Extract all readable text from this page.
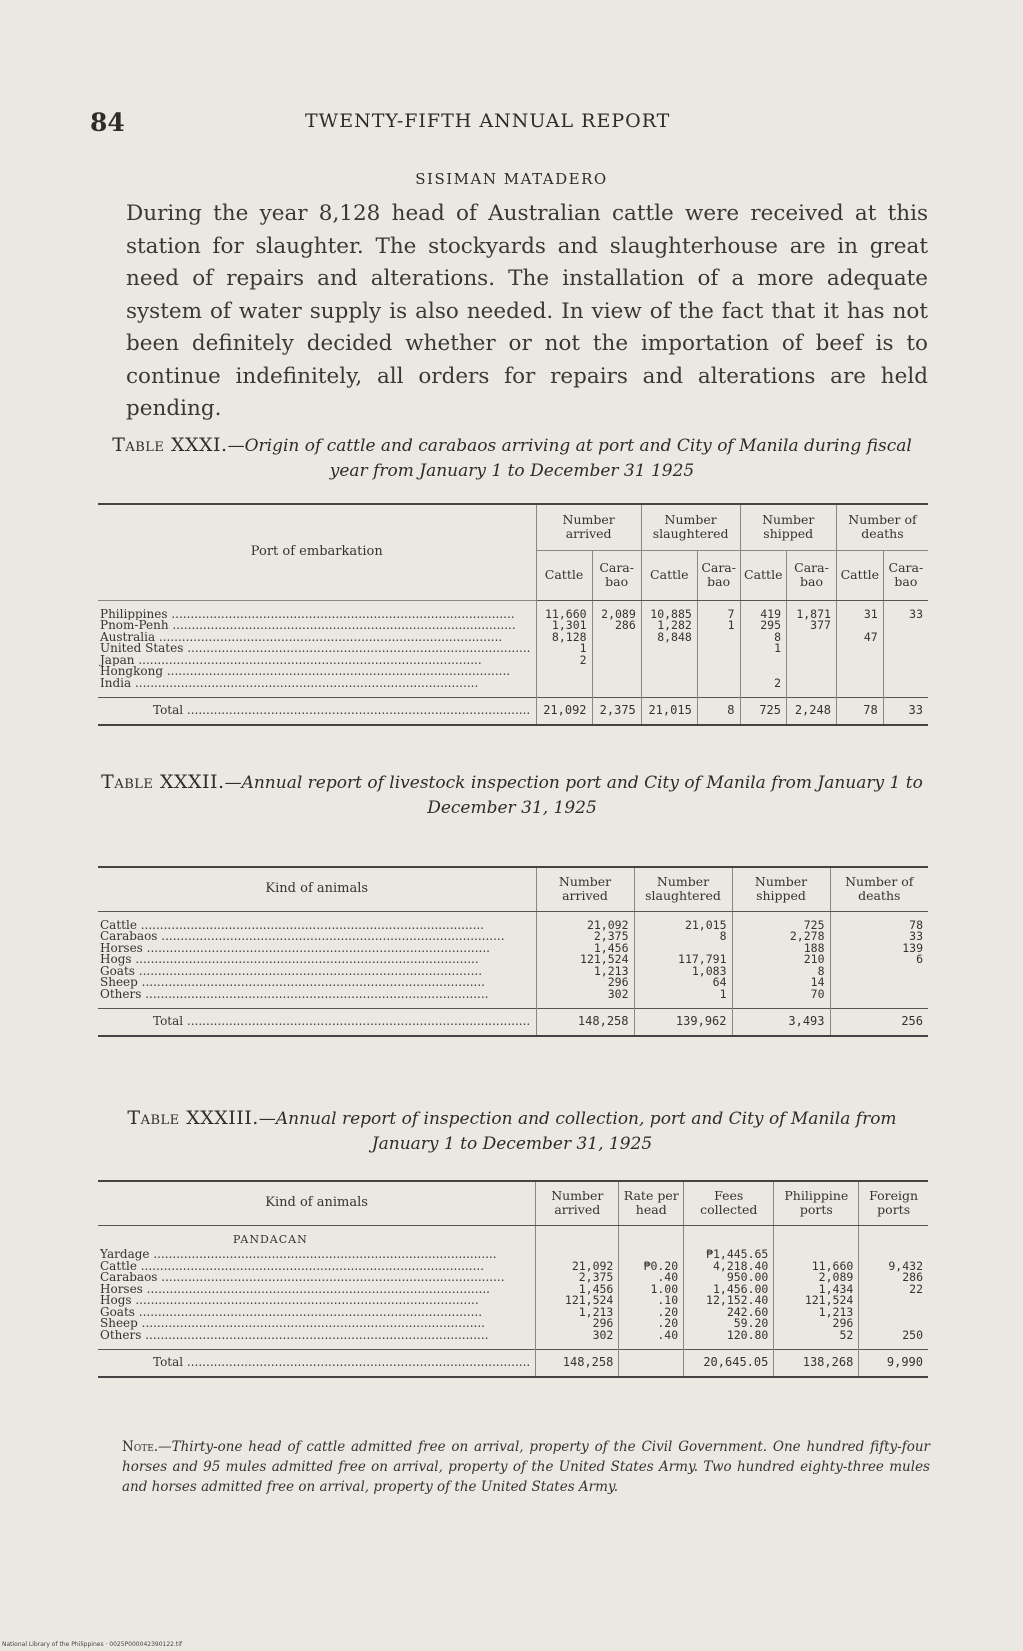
84	TWENTY-FIFTH ANNUAL REPORT
SISIMAN MATADERO

During the year 8,128 head of Australian cattle were received at this station for slaughter. The stockyards and slaughterhouse are in great need of repairs and alterations. The installation of a more adequate system of water supply is also needed. In view of the fact that it has not been definitely decided whether or not the importation of beef is to continue indefinitely, all orders for repairs and alterations are held pending.

Table XXXI.—Origin of cattle and carabaos arriving at port and City of Manila during fiscal year from January 1 to December 31 1925
Port of embarkation	Number arrived		Number slaughtered		Number shipped		Number of deaths	
	Cattle	Cara-bao	Cattle	Cara-bao	Cattle	Cara-bao	Cattle	Cara-bao
Philippines ..........................................................................................	11,660	2,089	10,885	7	419	1,871	31	33
Pnom-Penh ..........................................................................................	1,301	286	1,282	1	295	377		
Australia ..........................................................................................	8,128		8,848		8		47	
United States ..........................................................................................	1				1			
Japan ..........................................................................................	2							
Hongkong ..........................................................................................								
India ..........................................................................................					2			
Total ..........................................................................................	21,092	2,375	21,015	8	725	2,248	78	33
Table XXXII.—Annual report of livestock inspection port and City of Manila from January 1 to December 31, 1925
Kind of animals	Number arrived	Number slaughtered	Number shipped	Number of deaths
Cattle ..........................................................................................	21,092	21,015	725	78
Carabaos ..........................................................................................	2,375	8	2,278	33
Horses ..........................................................................................	1,456		188	139
Hogs ..........................................................................................	121,524	117,791	210	6
Goats ..........................................................................................	1,213	1,083	8	
Sheep ..........................................................................................	296	64	14	
Others ..........................................................................................	302	1	70	
Total ..........................................................................................	148,258	139,962	3,493	256
Table XXXIII.—Annual report of inspection and collection, port and City of Manila from January 1 to December 31, 1925
Kind of animals	Number arrived	Rate per head	Fees collected	Philippine ports	Foreign ports
PANDACAN					
Yardage ..........................................................................................			₱1,445.65		
Cattle ..........................................................................................	21,092	₱0.20	4,218.40	11,660	9,432
Carabaos ..........................................................................................	2,375	.40	950.00	2,089	286
Horses ..........................................................................................	1,456	1.00	1,456.00	1,434	22
Hogs ..........................................................................................	121,524	.10	12,152.40	121,524	
Goats ..........................................................................................	1,213	.20	242.60	1,213	
Sheep ..........................................................................................	296	.20	59.20	296	
Others ..........................................................................................	302	.40	120.80	52	250
Total ..........................................................................................	148,258		20,645.05	138,268	9,990

Note.—Thirty-one head of cattle admitted free on arrival, property of the Civil Government. One hundred fifty-four horses and 95 mules admitted free on arrival, property of the United States Army. Two hundred eighty-three mules and horses admitted free on arrival, property of the United States Army.

National Library of the Philippines · 0025P000042390122.tif
